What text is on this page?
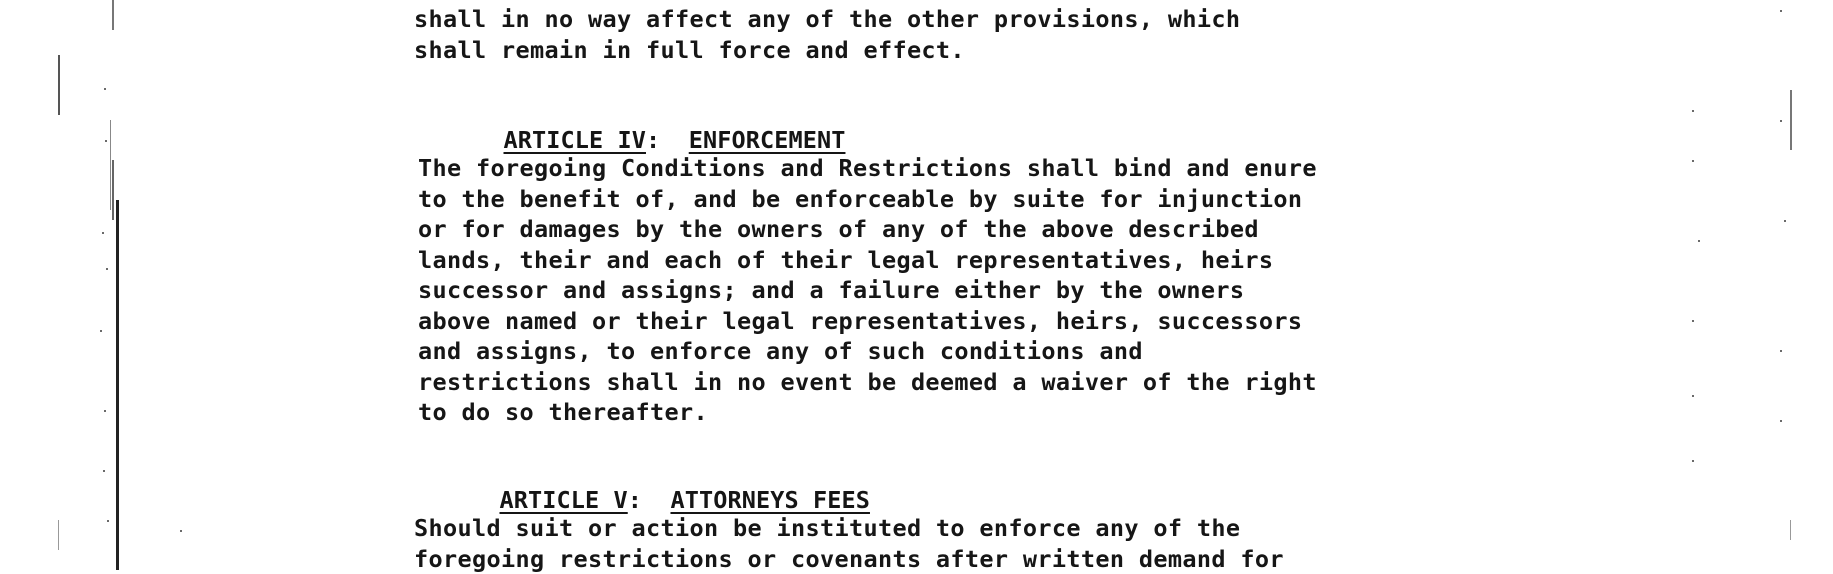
shall in no way affect any of the other provisions, which
shall remain in full force and effect.

ARTICLE IV:  ENFORCEMENT

The foregoing Conditions and Restrictions shall bind and enure
to the benefit of, and be enforceable by suite for injunction
or for damages by the owners of any of the above described
lands, their and each of their legal representatives, heirs
successor and assigns; and a failure either by the owners
above named or their legal representatives, heirs, successors
and assigns, to enforce any of such conditions and
restrictions shall in no event be deemed a waiver of the right
to do so thereafter.

ARTICLE V:  ATTORNEYS FEES

Should suit or action be instituted to enforce any of the
foregoing restrictions or covenants after written demand for
